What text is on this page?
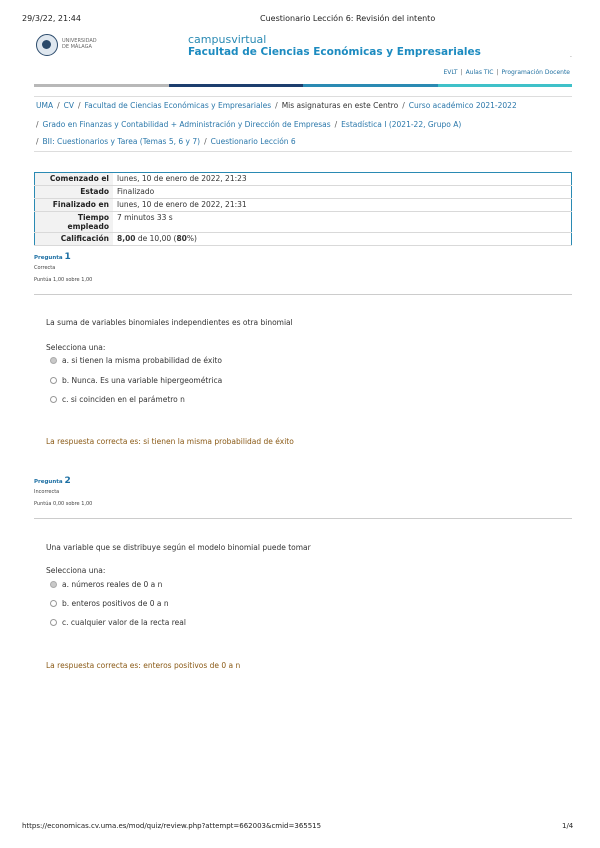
29/3/22, 21:44	Cuestionario Lección 6: Revisión del intento
UNIVERSIDAD DE MÁLAGA
campusvirtual
Facultad de Ciencias Económicas y Empresariales	.
EVLT | Aulas TIC | Programación Docente
UMA / CV / Facultad de Ciencias Económicas y Empresariales / Mis asignaturas en este Centro / Curso académico 2021-2022
/ Grado en Finanzas y Contabilidad + Administración y Dirección de Empresas / Estadística I (2021-22, Grupo A)
/ BII: Cuestionarios y Tarea (Temas 5, 6 y 7) / Cuestionario Lección 6
Comenzado el	lunes, 10 de enero de 2022, 21:23
Estado	Finalizado
Finalizado en	lunes, 10 de enero de 2022, 21:31
Tiempo
empleado	7 minutos 33 s
Calificación	8,00 de 10,00 (80%)
Pregunta 1
Correcta
Puntúa 1,00 sobre 1,00
La suma de variables binomiales independientes es otra binomial
Selecciona una:
a. si tienen la misma probabilidad de éxito
b. Nunca. Es una variable hipergeométrica
c. si coinciden en el parámetro n
La respuesta correcta es: si tienen la misma probabilidad de éxito
Pregunta 2
Incorrecta
Puntúa 0,00 sobre 1,00
Una variable que se distribuye según el modelo binomial puede tomar
Selecciona una:
a. números reales de 0 a n
b. enteros positivos de 0 a n
c. cualquier valor de la recta real
La respuesta correcta es: enteros positivos de 0 a n
https://economicas.cv.uma.es/mod/quiz/review.php?attempt=662003&cmid=365515	1/4
